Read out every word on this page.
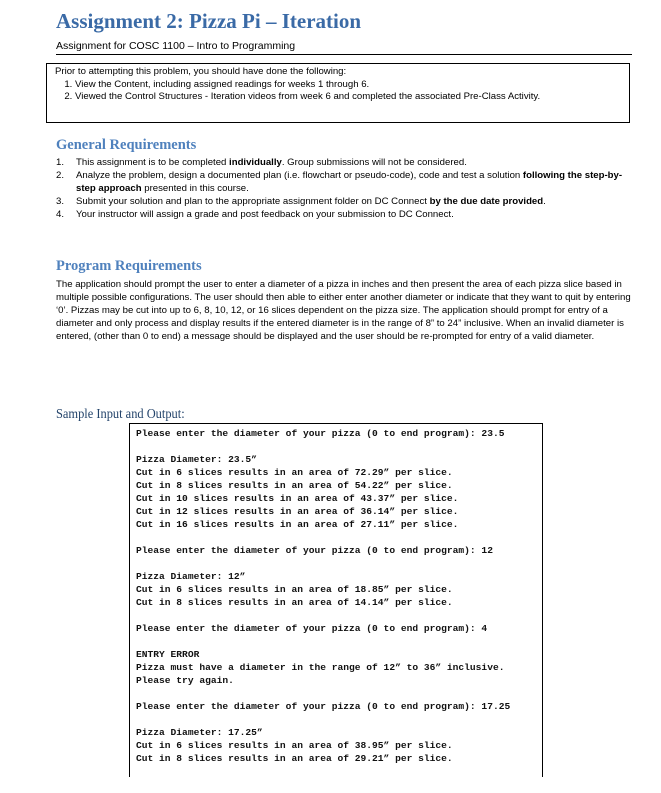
Assignment 2: Pizza Pi – Iteration
Assignment for COSC 1100 – Intro to Programming

Prior to attempting this problem, you should have done the following:

1. View the Content, including assigned readings for weeks 1 through 6.
2. Viewed the Control Structures - Iteration videos from week 6 and completed the associated Pre-Class Activity.
General Requirements
1. This assignment is to be completed individually. Group submissions will not be considered.
2. Analyze the problem, design a documented plan (i.e. flowchart or pseudo-code), code and test a solution following the step-by-step approach presented in this course.
3. Submit your solution and plan to the appropriate assignment folder on DC Connect by the due date provided.
4. Your instructor will assign a grade and post feedback on your submission to DC Connect.
Program Requirements

The application should prompt the user to enter a diameter of a pizza in inches and then present the area of each pizza slice based in multiple possible configurations. The user should then able to either enter another diameter or indicate that they want to quit by entering ‘0’. Pizzas may be cut into up to 6, 8, 10, 12, or 16 slices dependent on the pizza size. The application should prompt for entry of a diameter and only process and display results if the entered diameter is in the range of 8” to 24” inclusive. When an invalid diameter is entered, (other than 0 to end) a message should be displayed and the user should be re-prompted for entry of a valid diameter.

Sample Input and Output:
Please enter the diameter of your pizza (0 to end program): 23.5
Pizza Diameter: 23.5”
Cut in 6 slices results in an area of 72.29” per slice.
Cut in 8 slices results in an area of 54.22” per slice.
Cut in 10 slices results in an area of 43.37” per slice.
Cut in 12 slices results in an area of 36.14” per slice.
Cut in 16 slices results in an area of 27.11” per slice.
Please enter the diameter of your pizza (0 to end program): 12
Pizza Diameter: 12”
Cut in 6 slices results in an area of 18.85” per slice.
Cut in 8 slices results in an area of 14.14” per slice.
Please enter the diameter of your pizza (0 to end program): 4
ENTRY ERROR
Pizza must have a diameter in the range of 12” to 36” inclusive.
Please try again.
Please enter the diameter of your pizza (0 to end program): 17.25
Pizza Diameter: 17.25”
Cut in 6 slices results in an area of 38.95” per slice.
Cut in 8 slices results in an area of 29.21” per slice.
